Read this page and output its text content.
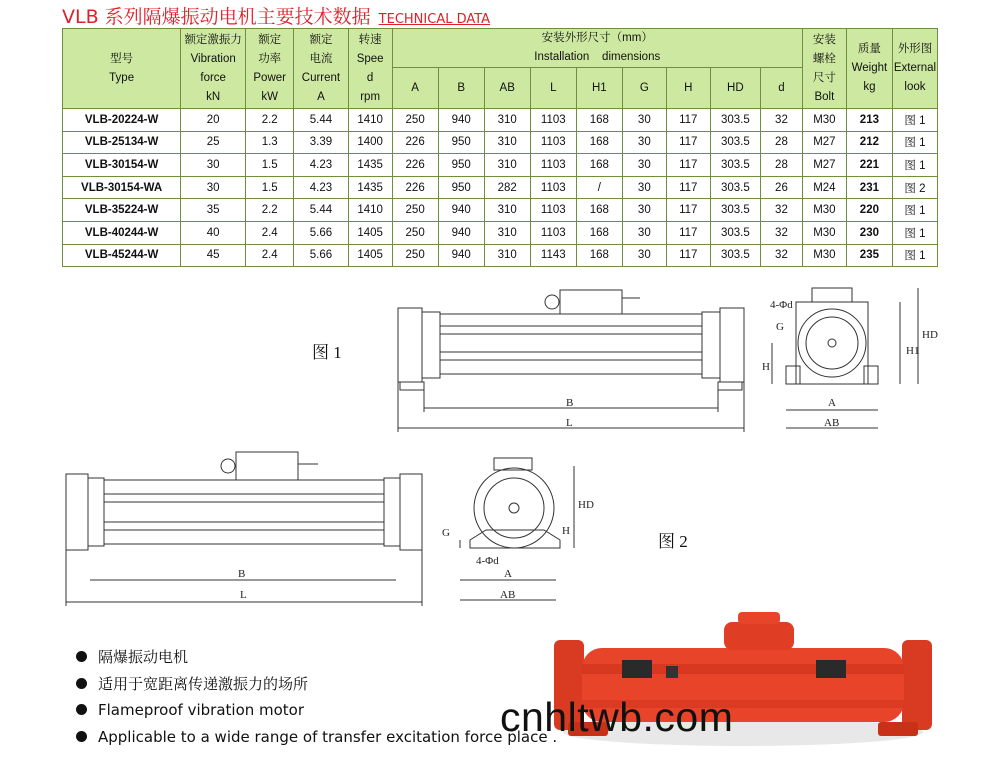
VLB 系列隔爆振动电机主要技术数据 TECHNICAL DATA
型号
Type	额定激振力
Vibration
force
kN	额定
功率
Power
kW	额定
电流
Current
A	转速
Spee
d
rpm	安装外形尺寸（mm）
Installation    dimensions									安装
螺栓
尺寸
Bolt	质量
Weight
kg	外形图
External
look

					A	B	AB	L	H1	G	H	HD	d			
VLB-20224-W	20	2.2	5.44	1410	250	940	310	1103	168	30	117	303.5	32	M30	213	图 1
VLB-25134-W	25	1.3	3.39	1400	226	950	310	1103	168	30	117	303.5	28	M27	212	图 1
VLB-30154-W	30	1.5	4.23	1435	226	950	310	1103	168	30	117	303.5	28	M27	221	图 1
VLB-30154-WA	30	1.5	4.23	1435	226	950	282	1103	/	30	117	303.5	26	M24	231	图 2
VLB-35224-W	35	2.2	5.44	1410	250	940	310	1103	168	30	117	303.5	32	M30	220	图 1
VLB-40244-W	40	2.4	5.66	1405	250	940	310	1103	168	30	117	303.5	32	M30	230	图 1
VLB-45244-W	45	2.4	5.66	1405	250	940	310	1143	168	30	117	303.5	32	M30	235	图 1
B
L
A
AB
H1
HD
H
G
4-Φd
B
L
A
AB
HD
H
G
4-Φd
图 1
图 2
隔爆振动电机
适用于宽距离传递激振力的场所
Flameproof vibration motor
Applicable to a wide range of transfer excitation force place .
cnhltwb.com
